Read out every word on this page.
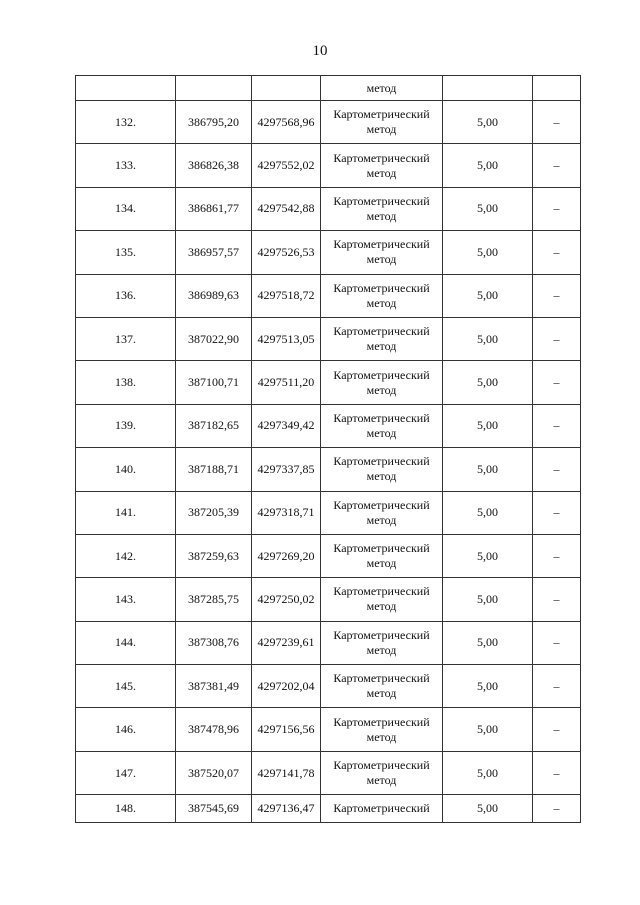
10
			метод		
132.	386795,20	4297568,96	Картометрический метод	5,00	–
133.	386826,38	4297552,02	Картометрический метод	5,00	–
134.	386861,77	4297542,88	Картометрический метод	5,00	–
135.	386957,57	4297526,53	Картометрический метод	5,00	–
136.	386989,63	4297518,72	Картометрический метод	5,00	–
137.	387022,90	4297513,05	Картометрический метод	5,00	–
138.	387100,71	4297511,20	Картометрический метод	5,00	–
139.	387182,65	4297349,42	Картометрический метод	5,00	–
140.	387188,71	4297337,85	Картометрический метод	5,00	–
141.	387205,39	4297318,71	Картометрический метод	5,00	–
142.	387259,63	4297269,20	Картометрический метод	5,00	–
143.	387285,75	4297250,02	Картометрический метод	5,00	–
144.	387308,76	4297239,61	Картометрический метод	5,00	–
145.	387381,49	4297202,04	Картометрический метод	5,00	–
146.	387478,96	4297156,56	Картометрический метод	5,00	–
147.	387520,07	4297141,78	Картометрический метод	5,00	–
148.	387545,69	4297136,47	Картометрический	5,00	–
